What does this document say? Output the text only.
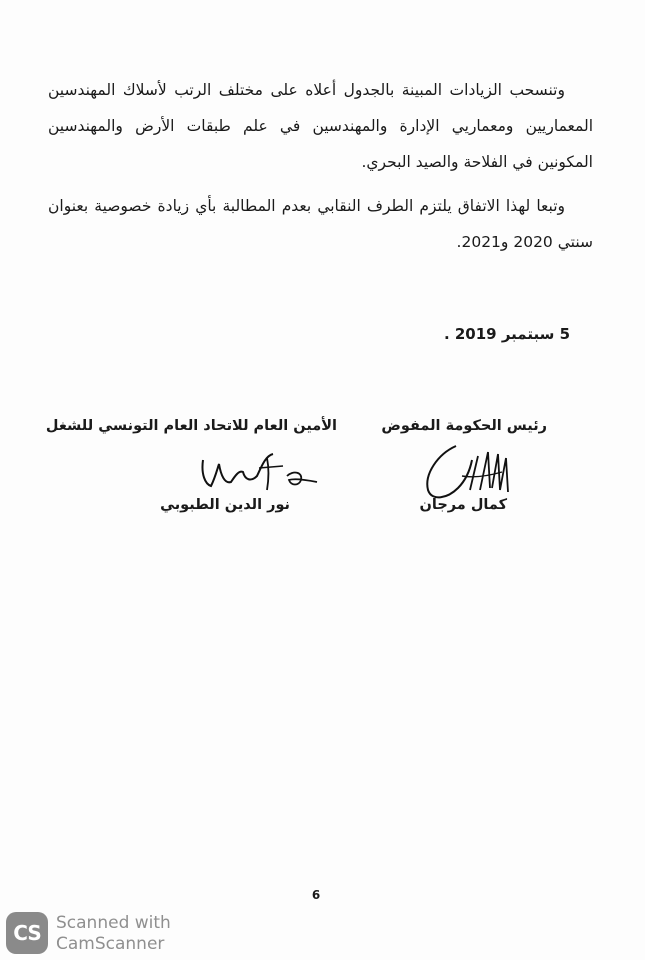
وتنسحب الزيادات المبينة بالجدول أعلاه على مختلف الرتب لأسلاك المهندسين المعماريين ومعماريي الإدارة والمهندسين في علم طبقات الأرض والمهندسين المكونين في الفلاحة والصيد البحري.

وتبعا لهذا الاتفاق يلتزم الطرف النقابي بعدم المطالبة بأي زيادة خصوصية بعنوان سنتي 2020 و2021.

5 سبتمبر 2019 .
رئيس الحكومة المفوض
الأمين العام للاتحاد العام التونسي للشغل
كمال مرجان
نور الدين الطبوبي
6
CS Scanned with
CamScanner
